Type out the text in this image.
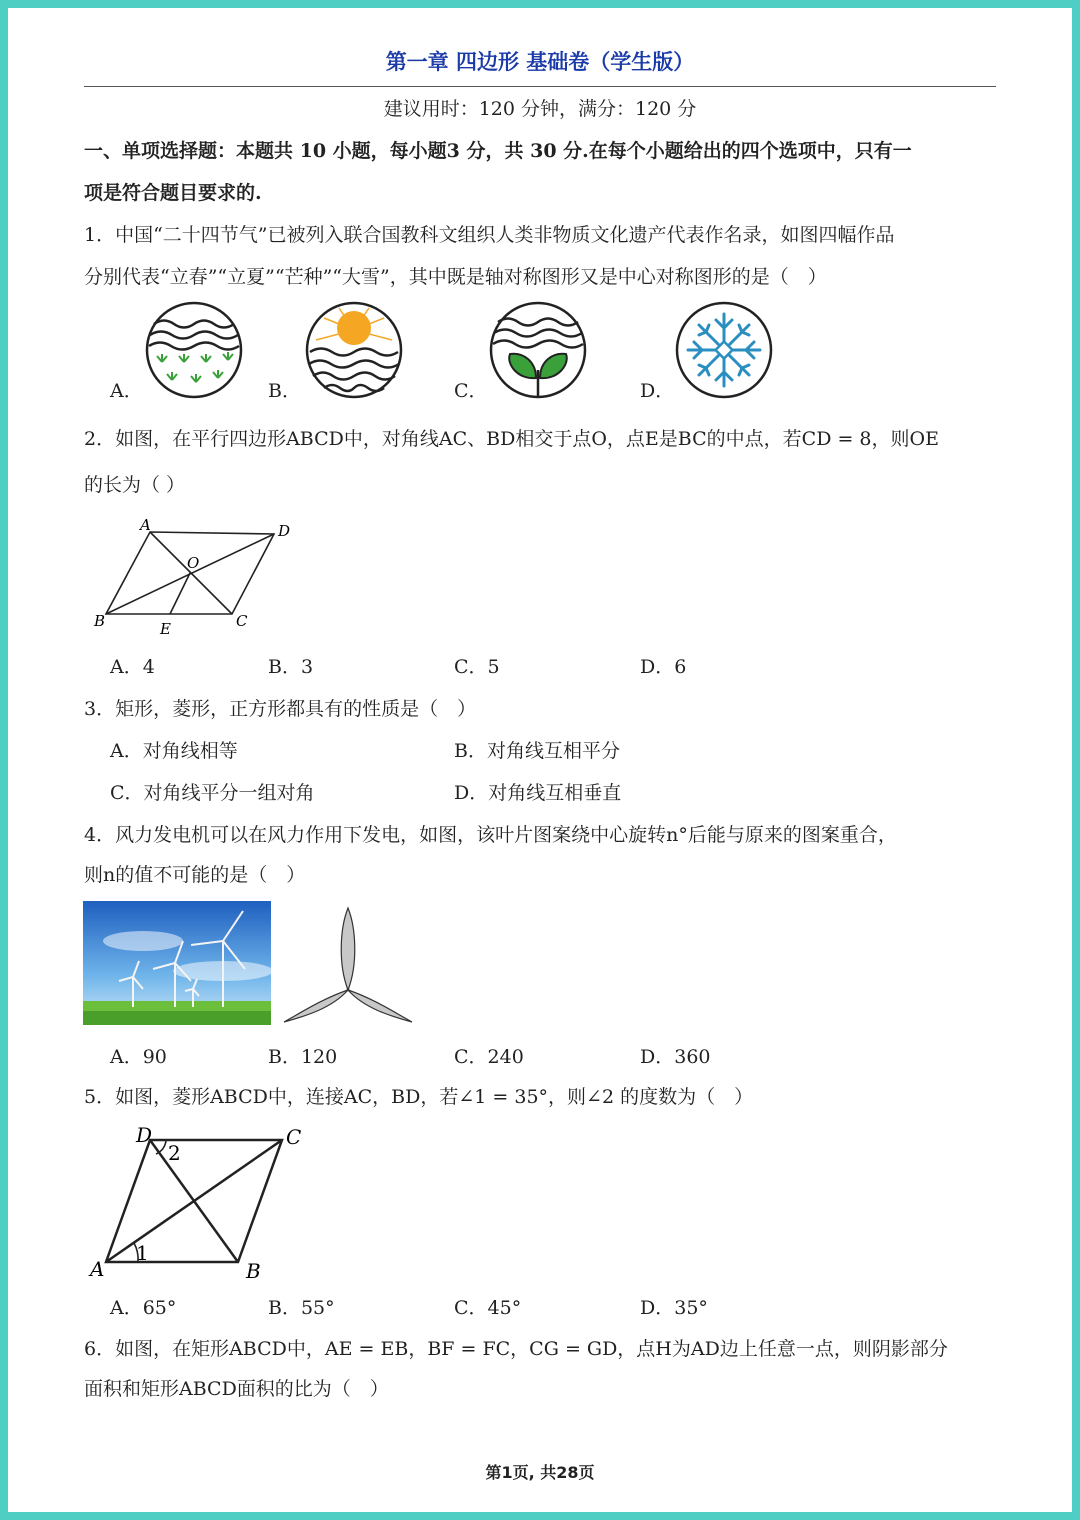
第一章 四边形 基础卷（学生版）
建议用时：120 分钟，满分：120 分
一、单项选择题：本题共 10 小题，每小题3 分，共 30 分.在每个小题给出的四个选项中，只有一
项是符合题目要求的.
1．中国“二十四节气”已被列入联合国教科文组织人类非物质文化遗产代表作名录，如图四幅作品
分别代表“立春”“立夏”“芒种”“大雪”，其中既是轴对称图形又是中心对称图形的是（　）
A．	B．	C．	D．
2．如图，在平行四边形ABCD中，对角线AC、BD相交于点O，点E是BC的中点，若CD = 8，则OE
的长为（ ）
A	D
O
B	E	C
A．4	B．3	C．5	D．6
3．矩形，菱形，正方形都具有的性质是（　）
A．对角线相等	B．对角线互相平分
C．对角线平分一组对角	D．对角线互相垂直
4．风力发电机可以在风力作用下发电，如图，该叶片图案绕中心旋转n°后能与原来的图案重合，
则n的值不可能的是（　）
A．90	B．120	C．240	D．360
5．如图，菱形ABCD中，连接AC，BD，若∠1 = 35°，则∠2 的度数为（　）
D	C
A	B
2
1
A．65°	B．55°	C．45°	D．35°
6．如图，在矩形ABCD中，AE = EB，BF = FC，CG = GD，点H为AD边上任意一点，则阴影部分
面积和矩形ABCD面积的比为（　）
第1页, 共28页
